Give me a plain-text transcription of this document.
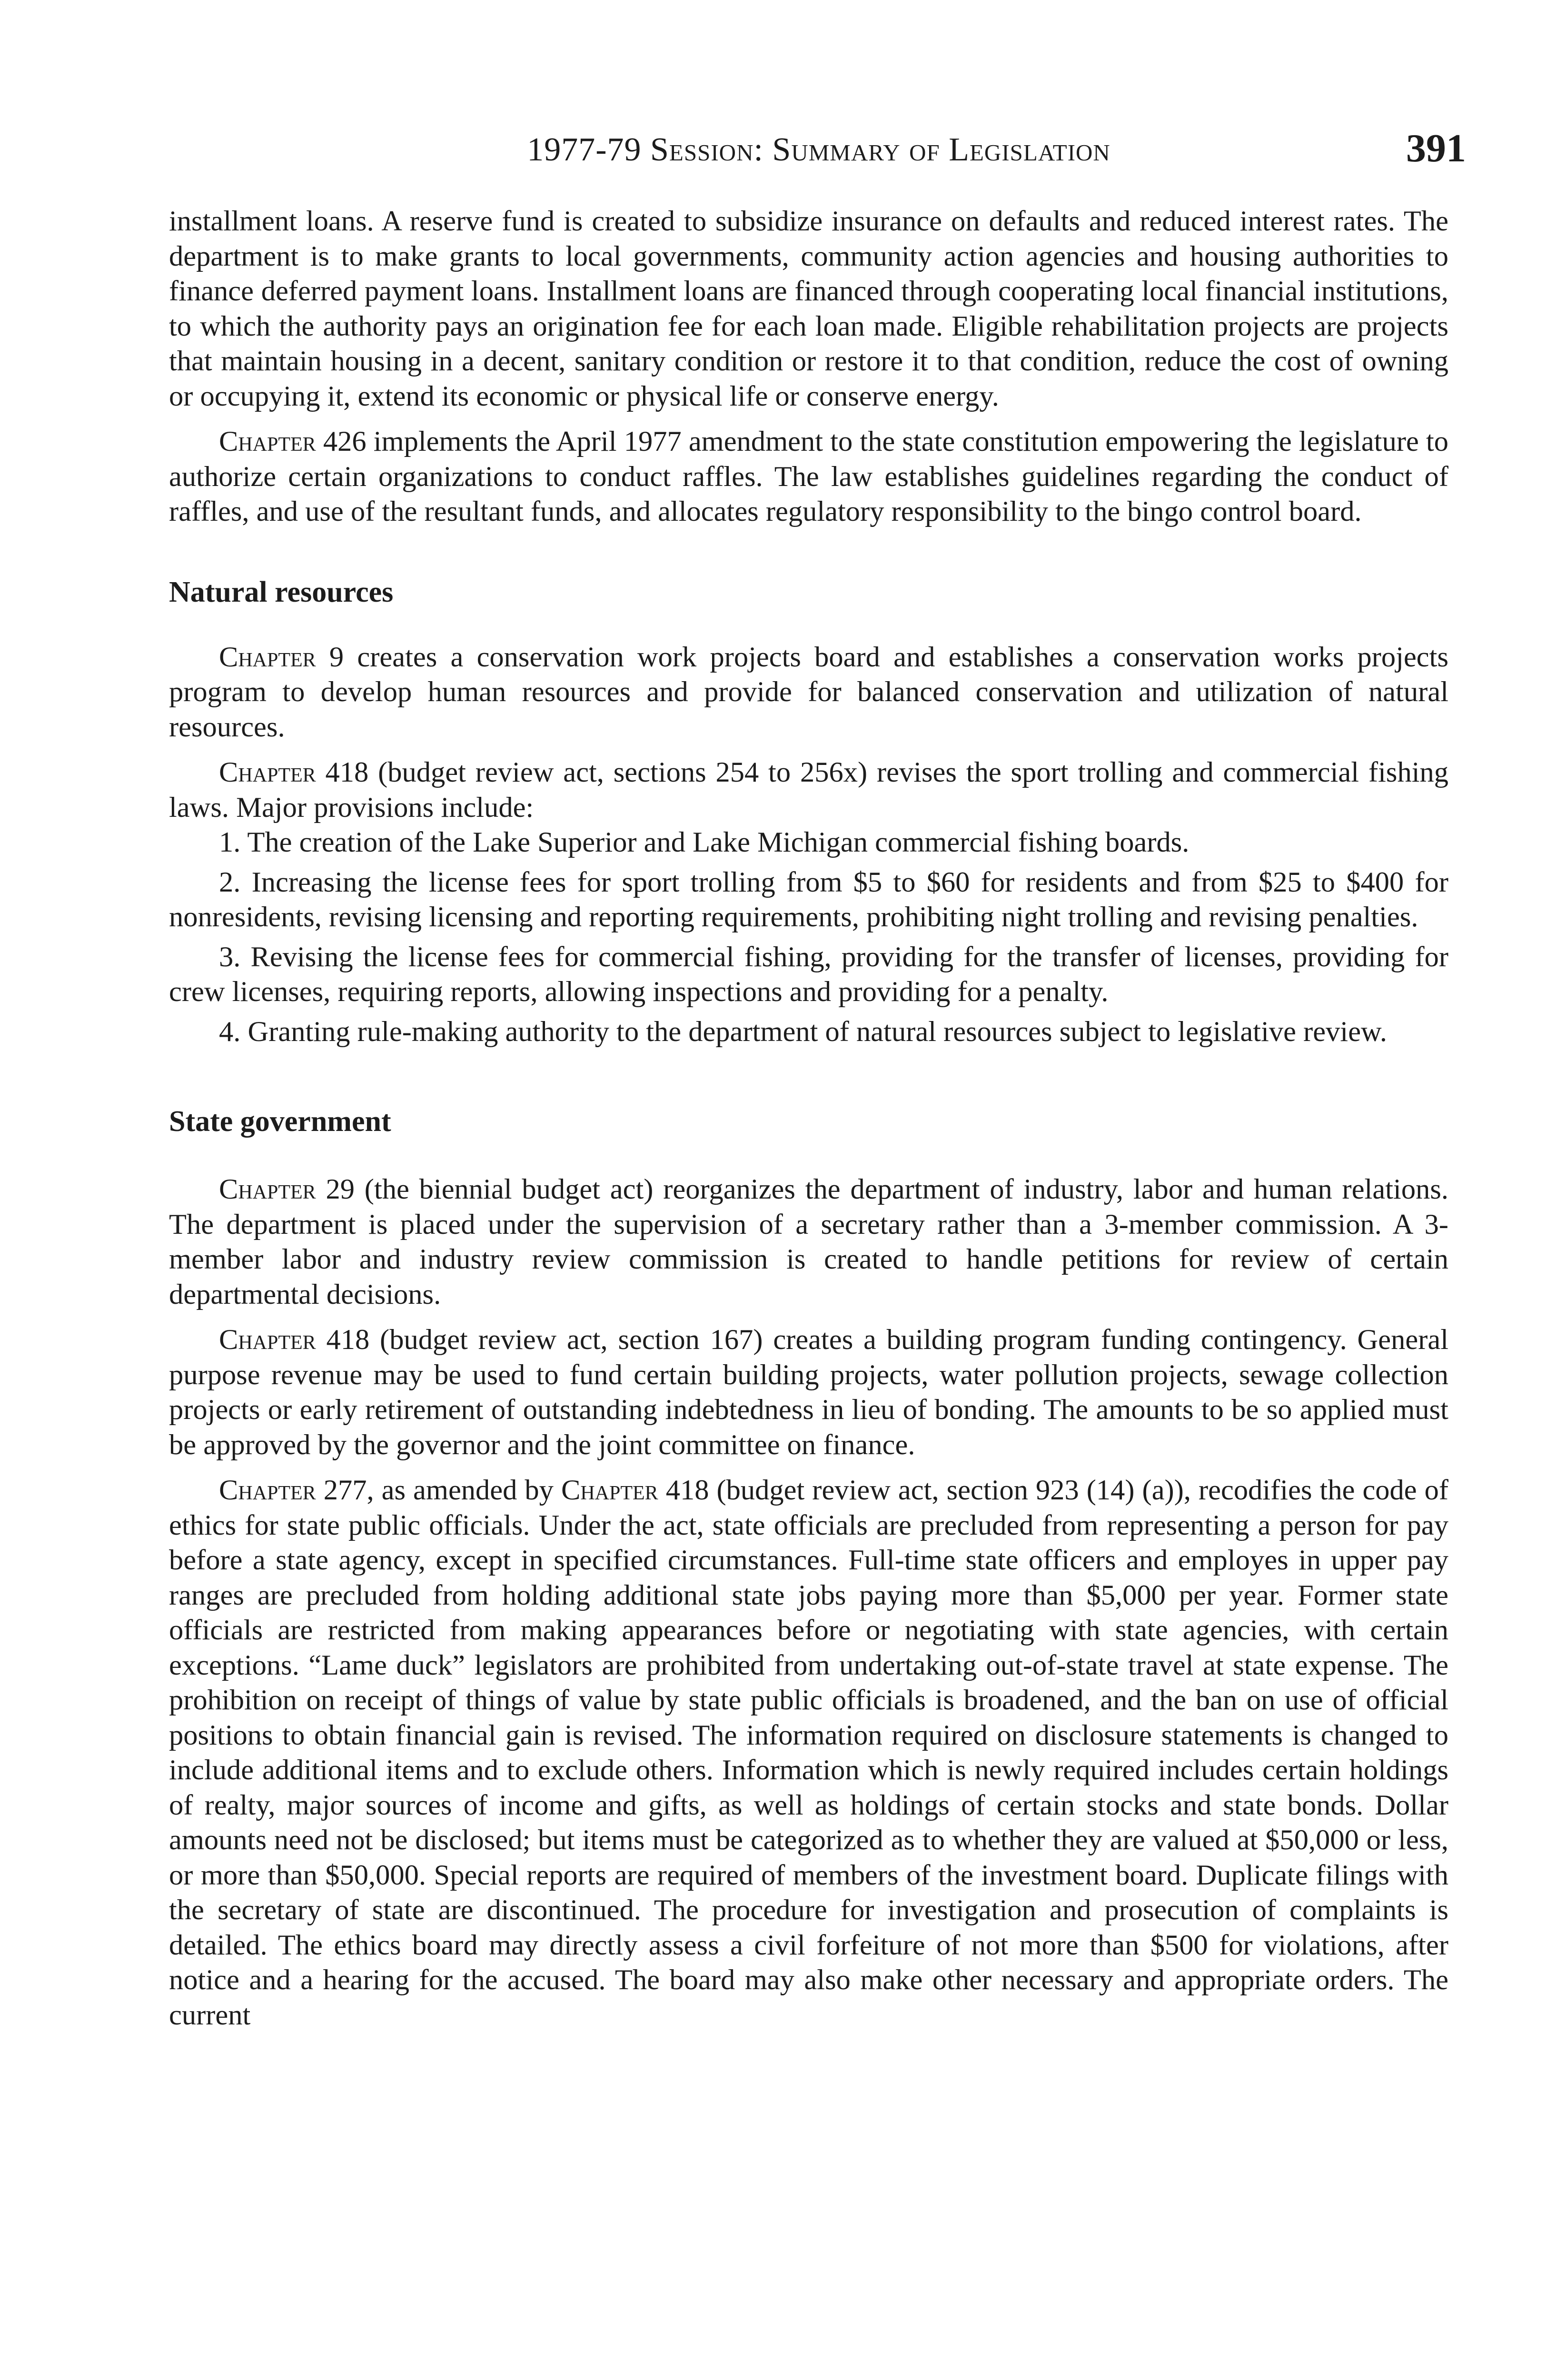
1977-79 Session: Summary of Legislation	391

installment loans. A reserve fund is created to subsidize insurance on defaults and reduced interest rates. The department is to make grants to local governments, community action agencies and housing authorities to finance deferred payment loans. Installment loans are financed through cooperating local financial institutions, to which the authority pays an origination fee for each loan made. Eligible rehabilitation projects are projects that maintain housing in a decent, sanitary condition or restore it to that condition, reduce the cost of owning or occupying it, extend its economic or physical life or conserve energy.

Chapter 426 implements the April 1977 amendment to the state constitution empowering the legislature to authorize certain organizations to conduct raffles. The law establishes guidelines regarding the conduct of raffles, and use of the resultant funds, and allocates regulatory responsibility to the bingo control board.

Natural resources

Chapter 9 creates a conservation work projects board and establishes a conservation works projects program to develop human resources and provide for balanced conservation and utilization of natural resources.

Chapter 418 (budget review act, sections 254 to 256x) revises the sport trolling and commercial fishing laws. Major provisions include:

1. The creation of the Lake Superior and Lake Michigan commercial fishing boards.

2. Increasing the license fees for sport trolling from $5 to $60 for residents and from $25 to $400 for nonresidents, revising licensing and reporting requirements, prohibiting night trolling and revising penalties.

3. Revising the license fees for commercial fishing, providing for the transfer of licenses, providing for crew licenses, requiring reports, allowing inspections and providing for a penalty.

4. Granting rule-making authority to the department of natural resources subject to legislative review.

State government

Chapter 29 (the biennial budget act) reorganizes the department of industry, labor and human relations. The department is placed under the supervision of a secretary rather than a 3-member commission. A 3-member labor and industry review commission is created to handle petitions for review of certain departmental decisions.

Chapter 418 (budget review act, section 167) creates a building program funding contingency. General purpose revenue may be used to fund certain building projects, water pollution projects, sewage collection projects or early retirement of outstanding indebtedness in lieu of bonding. The amounts to be so applied must be approved by the governor and the joint committee on finance.

Chapter 277, as amended by Chapter 418 (budget review act, section 923 (14) (a)), recodifies the code of ethics for state public officials. Under the act, state officials are precluded from representing a person for pay before a state agency, except in specified circumstances. Full-time state officers and employes in upper pay ranges are precluded from holding additional state jobs paying more than $5,000 per year. Former state officials are restricted from making appearances before or negotiating with state agencies, with certain exceptions. “Lame duck” legislators are prohibited from undertaking out-of-state travel at state expense. The prohibition on receipt of things of value by state public officials is broadened, and the ban on use of official positions to obtain financial gain is revised. The information required on disclosure statements is changed to include additional items and to exclude others. Information which is newly required includes certain holdings of realty, major sources of income and gifts, as well as holdings of certain stocks and state bonds. Dollar amounts need not be disclosed; but items must be categorized as to whether they are valued at $50,000 or less, or more than $50,000. Special reports are required of members of the investment board. Duplicate filings with the secretary of state are discontinued. The procedure for investigation and prosecution of complaints is detailed. The ethics board may directly assess a civil forfeiture of not more than $500 for violations, after notice and a hearing for the accused. The board may also make other necessary and appropriate orders. The current
